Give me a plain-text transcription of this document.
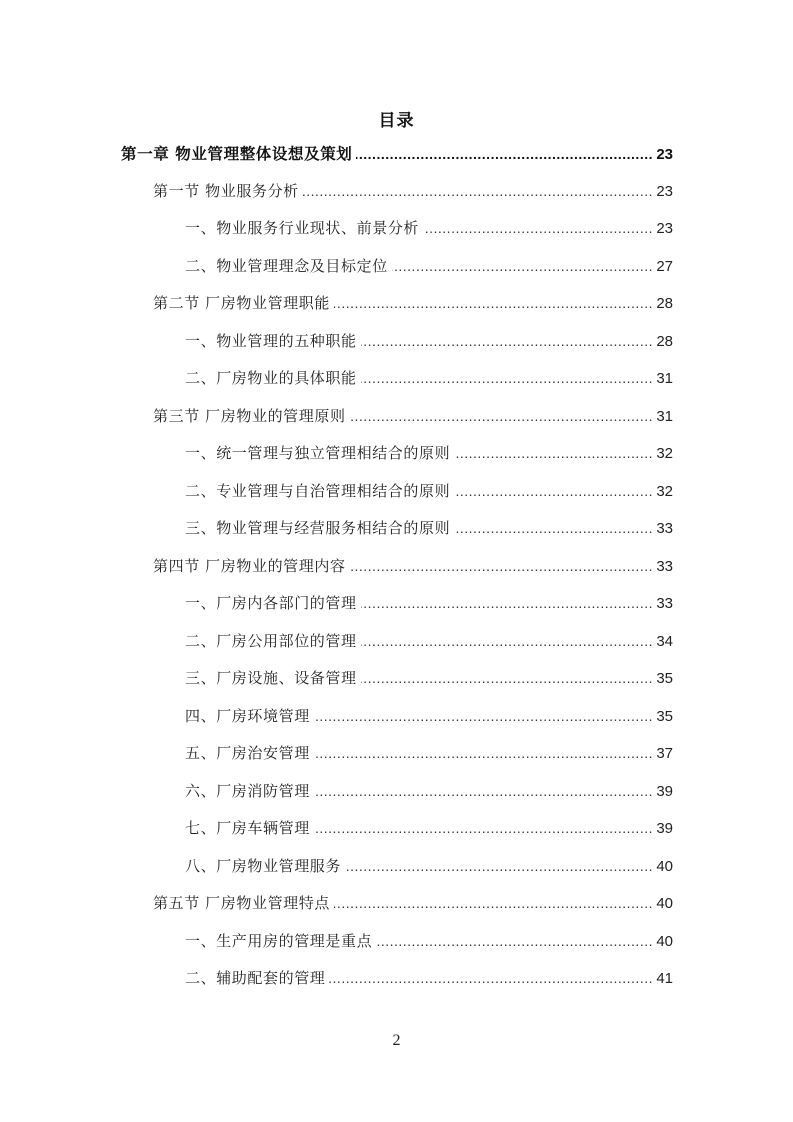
目录
第一章 物业管理整体设想及策划 .....	23
第一节 物业服务分析 .....	23
一、物业服务行业现状、前景分析 .....	23
二、物业管理理念及目标定位 .....	27
第二节 厂房物业管理职能 .....	28
一、物业管理的五种职能 .....	28
二、厂房物业的具体职能 .....	31
第三节 厂房物业的管理原则 .....	31
一、统一管理与独立管理相结合的原则 .....	32
二、专业管理与自治管理相结合的原则 .....	32
三、物业管理与经营服务相结合的原则 .....	33
第四节 厂房物业的管理内容 .....	33
一、厂房内各部门的管理 .....	33
二、厂房公用部位的管理 .....	34
三、厂房设施、设备管理 .....	35
四、厂房环境管理 .....	35
五、厂房治安管理 .....	37
六、厂房消防管理 .....	39
七、厂房车辆管理 .....	39
八、厂房物业管理服务 .....	40
第五节 厂房物业管理特点 .....	40
一、生产用房的管理是重点 .....	40
二、辅助配套的管理 .....	41
2
